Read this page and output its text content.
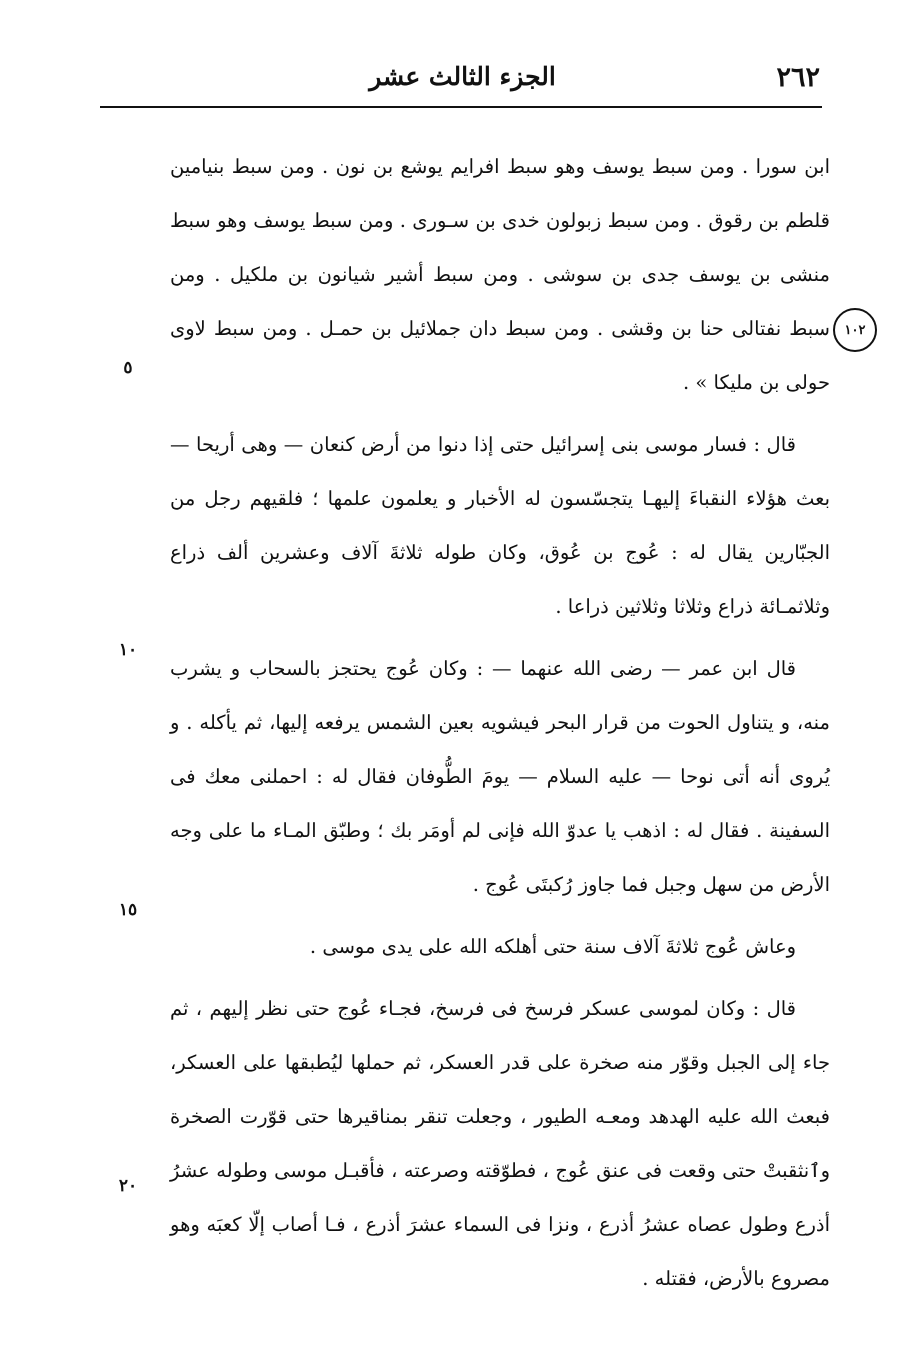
٢٦٢
الجزء الثالث عشر
١٠٢
٥
١٠
١٥
٢٠

ابن سورا . ومن سبط يوسف وهو سبط افرايم يوشع بن نون . ومن سبط بنيامين قلطم بن رقوق . ومن سبط زبولون خدى بن سـورى . ومن سبط يوسف وهو سبط منشى بن يوسف جدى بن سوشى . ومن سبط أشير شيانون بن ملكيل . ومن سبط نفتالى حنا بن وقشى . ومن سبط دان جملائيل بن حمـل . ومن سبط لاوى حولى بن مليكا » .

قال : فسار موسى بنى إسرائيل حتى إذا دنوا من أرض كنعان — وهى أريحا — بعث هؤلاء النقباءَ إليهـا يتجسّسون له الأخبار و يعلمون علمها ؛ فلقيهم رجل من الجبّارين يقال له : عُوج بن عُوق، وكان طوله ثلاثةَ آلاف وعشرين ألف ذراع وثلاثمـائة ذراع وثلاثا وثلاثين ذراعا .

قال ابن عمر — رضى الله عنهما — : وكان عُوج يحتجز بالسحاب و يشرب منه، و يتناول الحوت من قرار البحر فيشويه بعين الشمس يرفعه إليها، ثم يأكله . و يُروى أنه أتى نوحا — عليه السلام — يومَ الطُّوفان فقال له : احملنى معك فى السفينة . فقال له : اذهب يا عدوّ الله فإنى لم أومَر بك ؛ وطبّق المـاء ما على وجه الأرض من سهل وجبل فما جاوز رُكبتَى عُوج .

وعاش عُوج ثلاثةَ آلاف سنة حتى أهلكه الله على يدى موسى .

قال : وكان لموسى عسكر فرسخ فى فرسخ، فجـاء عُوج حتى نظر إليهم ، ثم جاء إلى الجبل وقوّر منه صخرة على قدر العسكر، ثم حملها ليُطبقها على العسكر، فبعث الله عليه الهدهد ومعـه الطيور ، وجعلت تنقر بمناقيرها حتى قوّرت الصخرة وٱنثقبتْ حتى وقعت فى عنق عُوج ، فطوّقته وصرعته ، فأقبـل موسى وطوله عشرُ أذرع وطول عصاه عشرُ أذرع ، ونزا فى السماء عشرَ أذرع ، فـا أصاب إلّا كعبَه وهو مصروع بالأرض، فقتله .
